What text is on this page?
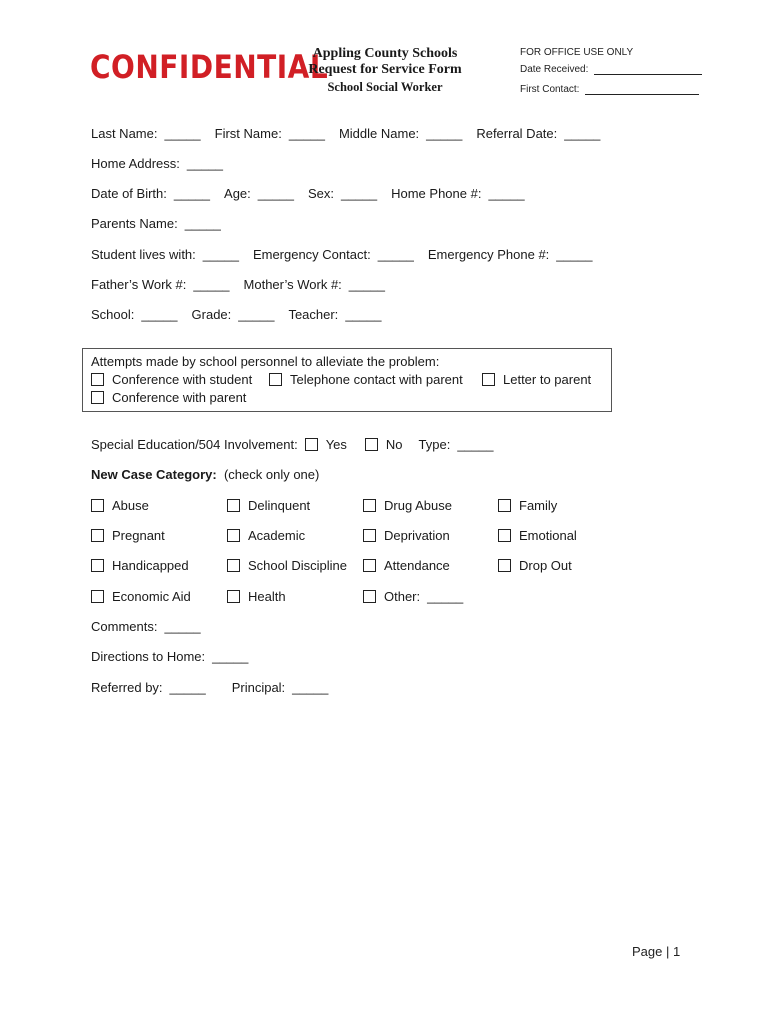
CONFIDENTIAL
Appling County Schools
Request for Service Form
School Social Worker
FOR OFFICE USE ONLY
Date Received:
First Contact:
Last Name: _____ First Name: _____ Middle Name: _____ Referral Date: _____
Home Address: _____
Date of Birth: _____ Age: _____ Sex: _____ Home Phone #: _____
Parents Name: _____
Student lives with: _____ Emergency Contact: _____ Emergency Phone #: _____
Father’s Work #: _____ Mother’s Work #: _____
School: _____ Grade: _____ Teacher: _____
Attempts made by school personnel to alleviate the problem:
Conference with student	Telephone contact with parent	Letter to parent
Conference with parent
Special Education/504 Involvement: Yes	No Type: _____
New Case Category: (check only one)
Abuse	Delinquent	Drug Abuse	Family
Pregnant	Academic	Deprivation	Emotional
Handicapped	School Discipline	Attendance	Drop Out
Economic Aid	Health	Other: _____
Comments: _____
Directions to Home: _____
Referred by: _____ Principal: _____
Page | 1
